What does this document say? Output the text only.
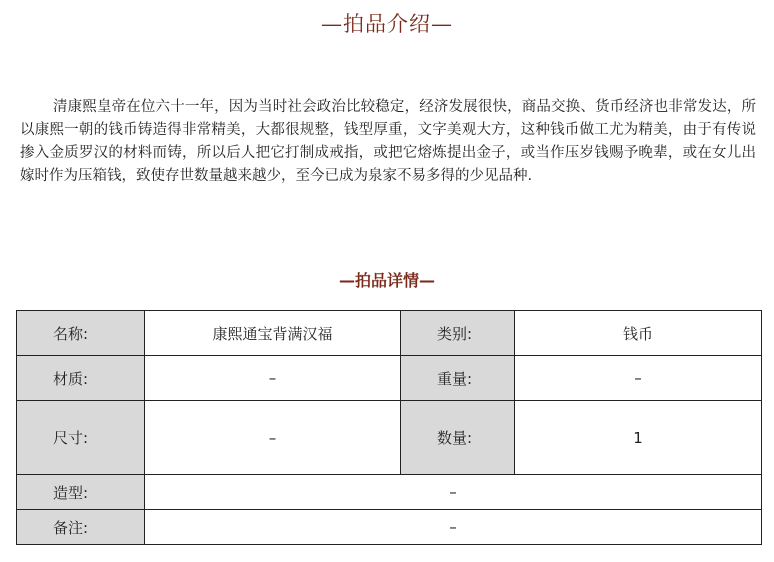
—拍品介绍—

清康熙皇帝在位六十一年，因为当时社会政治比较稳定，经济发展很快，商品交换、货币经济也非常发达，所以康熙一朝的钱币铸造得非常精美，大都很规整，钱型厚重，文字美观大方，这种钱币做工尤为精美，由于有传说掺入金质罗汉的材料而铸，所以后人把它打制成戒指，或把它熔炼提出金子，或当作压岁钱赐予晚辈，或在女儿出嫁时作为压箱钱，致使存世数量越来越少，至今已成为泉家不易多得的少见品种.

—拍品详情—
名称:	康熙通宝背满汉福	类别:	钱币
材质:	–	重量:	–
尺寸:	–	数量:	1
造型:	–		
备注:	–		
